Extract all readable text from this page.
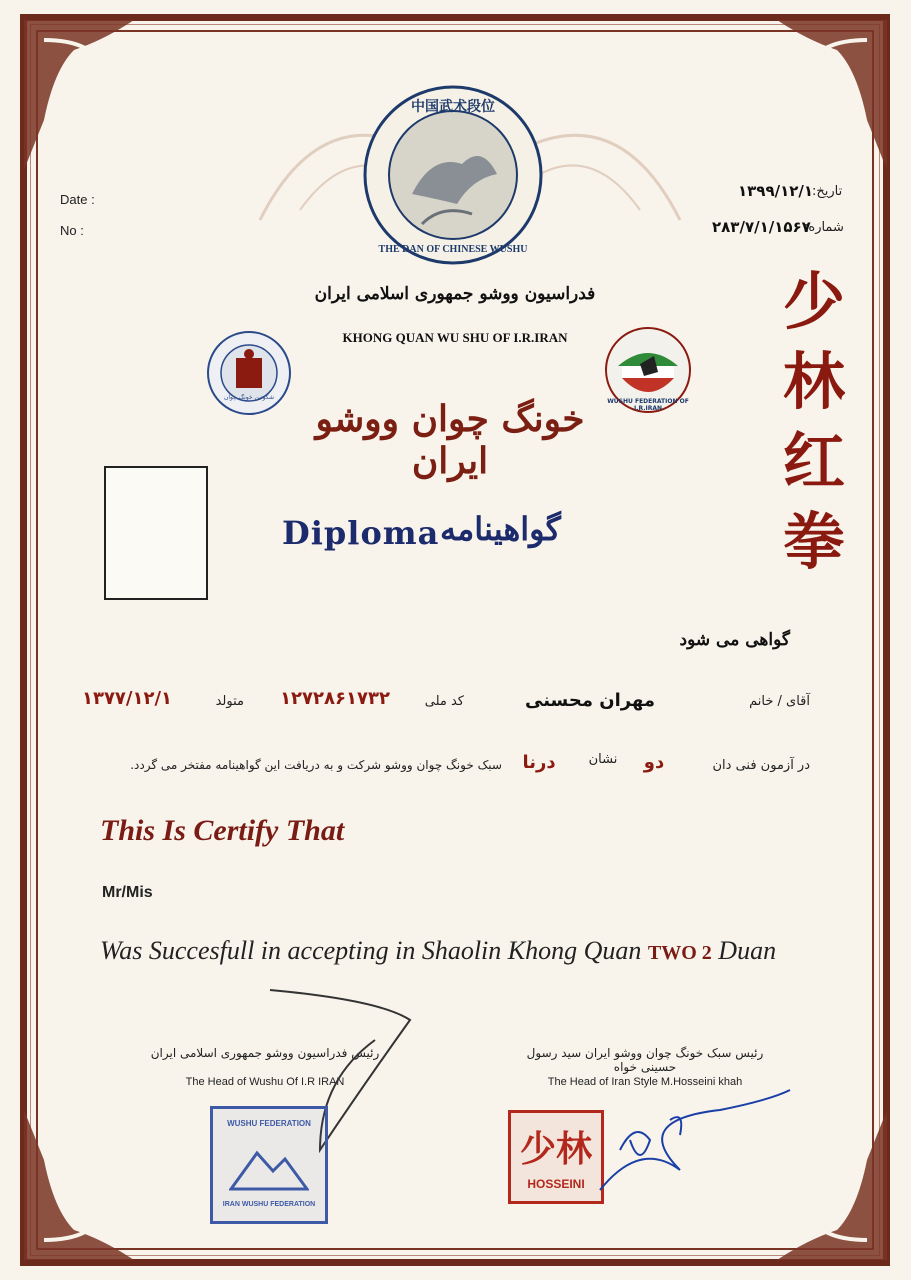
Date :
No :
تاریخ:
شماره:
۱۳۹۹/۱۲/۱
۲۸۳/۷/۱/۱۵۶۷
中国武术段位
THE DAN OF CHINESE WUSHU
فدراسیون ووشو جمهوری اسلامی ایران
KHONG QUAN WU SHU OF I.R.IRAN
شکوتین خونگ چوان
WUSHU FEDERATION OF I.R.IRAN
خونگ چوان ووشو ایران
少
林
红
拳
Diploma گواهینامه
گواهی می شود
آقای / خانم
مهران محسنی
کد ملی
۱۲۷۲۸۶۱۷۳۲
متولد
۱۳۷۷/۱۲/۱
در آزمون فنی دان
دو
نشان
درنا
سبک خونگ چوان ووشو شرکت و به دریافت این گواهینامه مفتخر می گردد.
This Is Certify That
Mr/Mis
Was Succesfull in accepting in Shaolin Khong Quan TWO 2 Duan
رئیس فدراسیون ووشو جمهوری اسلامی ایران
The Head of Wushu Of I.R IRAN
رئیس سبک خونگ چوان ووشو ایران سید رسول حسینی خواه
The Head of Iran Style M.Hosseini khah
WUSHU FEDERATION
IRAN WUSHU FEDERATION
少林
HOSSEINI
